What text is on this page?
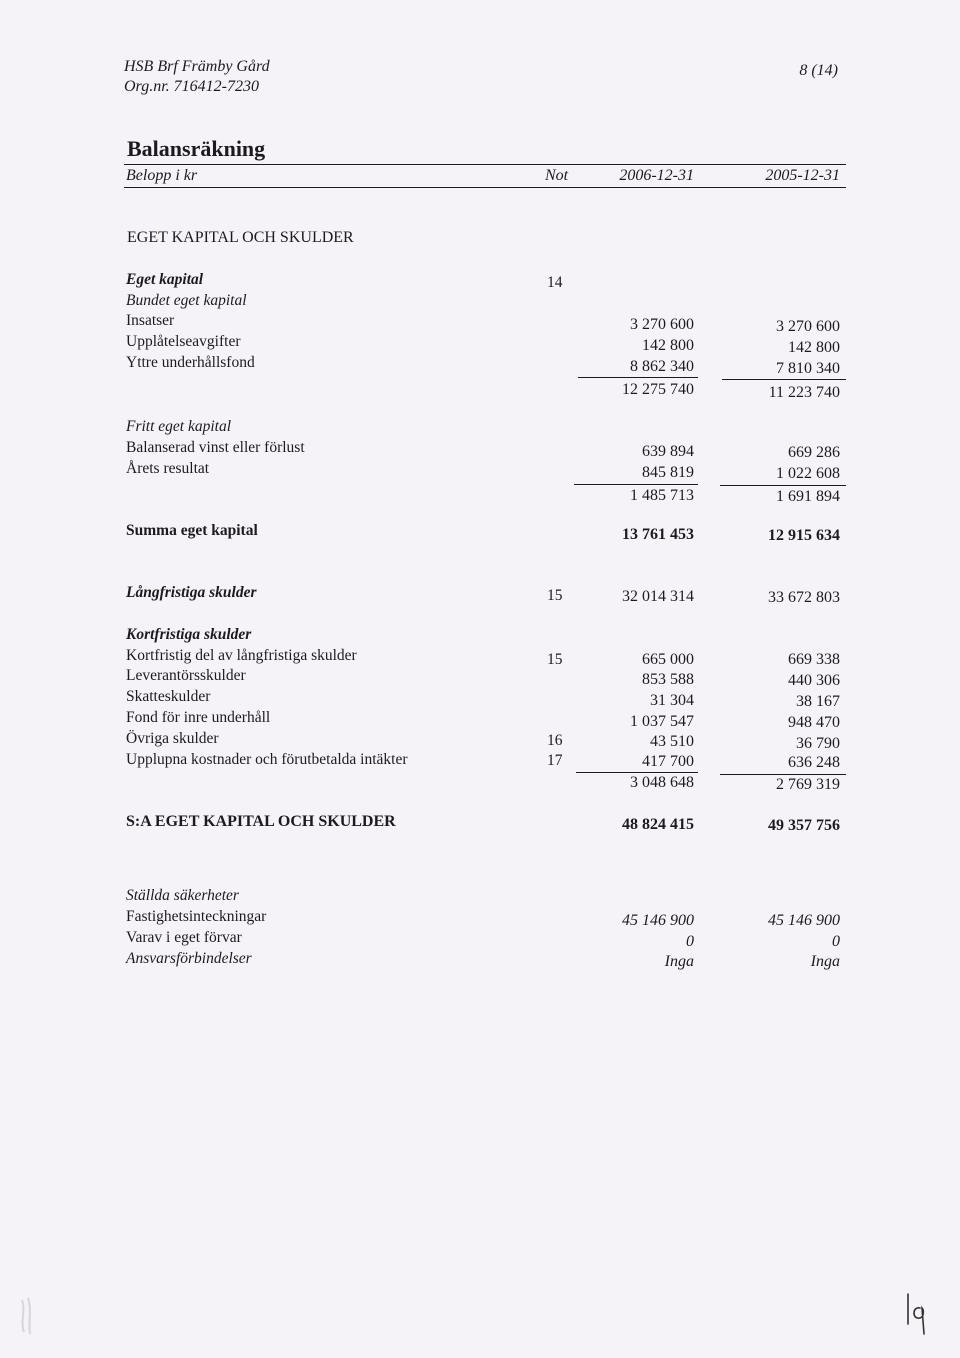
HSB Brf Främby Gård
Org.nr. 716412-7230
8 (14)
Balansräkning
Belopp i kr	Not	2006-12-31	2005-12-31
EGET KAPITAL OCH SKULDER
Eget kapital	14
Bundet eget kapital
Insatser	3 270 600	3 270 600
Upplåtelseavgifter	142 800	142 800
Yttre underhållsfond	8 862 340	7 810 340
12 275 740	11 223 740
Fritt eget kapital
Balanserad vinst eller förlust	639 894	669 286
Årets resultat	845 819	1 022 608
1 485 713	1 691 894
Summa eget kapital	13 761 453	12 915 634
Långfristiga skulder	15	32 014 314	33 672 803
Kortfristiga skulder
Kortfristig del av långfristiga skulder	15	665 000	669 338
Leverantörsskulder	853 588	440 306
Skatteskulder	31 304	38 167
Fond för inre underhåll	1 037 547	948 470
Övriga skulder	16	43 510	36 790
Upplupna kostnader och förutbetalda intäkter	17	417 700	636 248
3 048 648	2 769 319
S:A EGET KAPITAL OCH SKULDER	48 824 415	49 357 756
Ställda säkerheter
Fastighetsinteckningar	45 146 900	45 146 900
Varav i eget förvar	0	0
Ansvarsförbindelser	Inga	Inga
